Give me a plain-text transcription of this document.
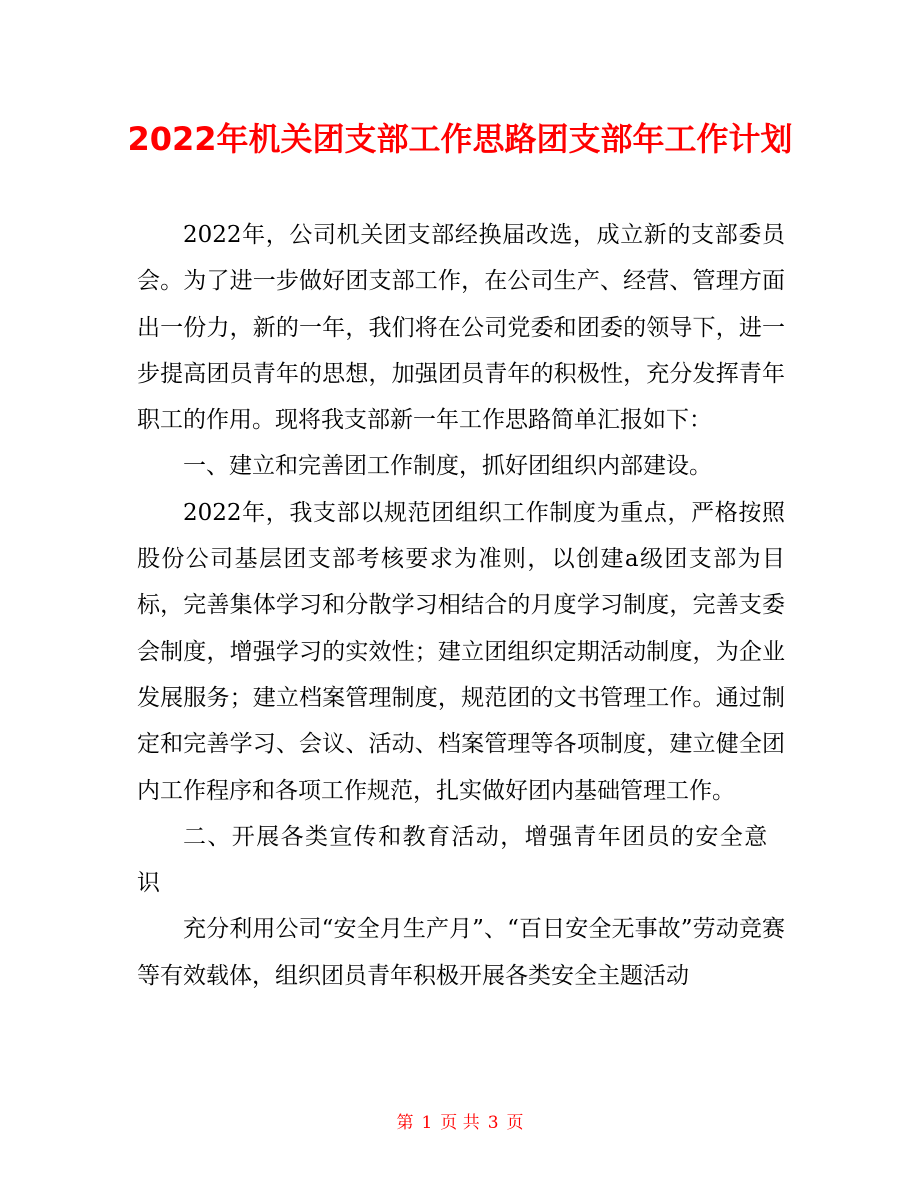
2022年机关团支部工作思路团支部年工作计划

2022年，公司机关团支部经换届改选，成立新的支部委员会。为了进一步做好团支部工作，在公司生产、经营、管理方面出一份力，新的一年，我们将在公司党委和团委的领导下，进一步提高团员青年的思想，加强团员青年的积极性，充分发挥青年职工的作用。现将我支部新一年工作思路简单汇报如下：

一、建立和完善团工作制度，抓好团组织内部建设。

2022年，我支部以规范团组织工作制度为重点，严格按照股份公司基层团支部考核要求为准则，以创建a级团支部为目标，完善集体学习和分散学习相结合的月度学习制度，完善支委会制度，增强学习的实效性；建立团组织定期活动制度，为企业发展服务；建立档案管理制度，规范团的文书管理工作。通过制定和完善学习、会议、活动、档案管理等各项制度，建立健全团内工作程序和各项工作规范，扎实做好团内基础管理工作。

二、开展各类宣传和教育活动，增强青年团员的安全意识

充分利用公司“安全月生产月”、“百日安全无事故”劳动竞赛等有效载体，组织团员青年积极开展各类安全主题活动

第 1 页 共 3 页
